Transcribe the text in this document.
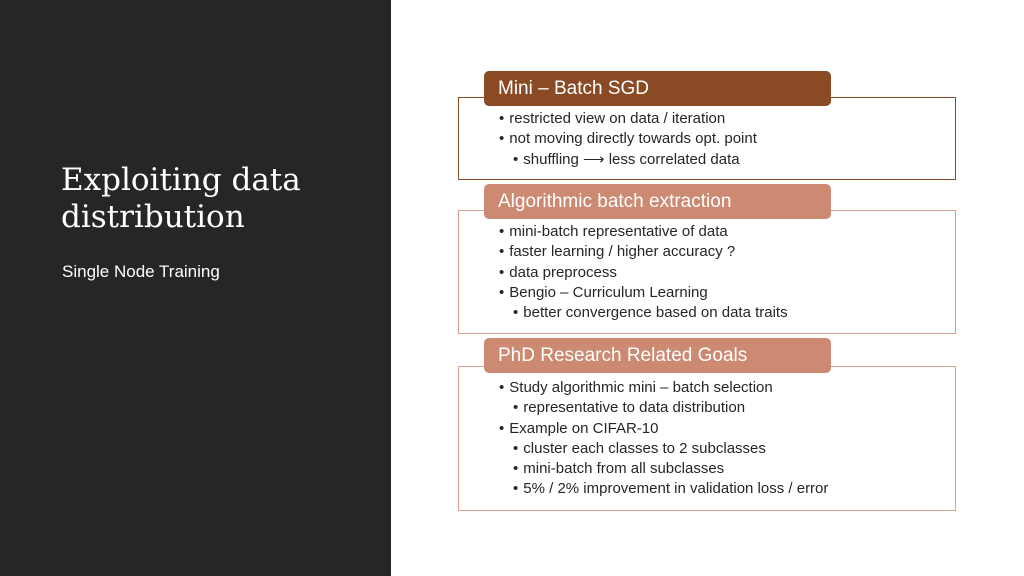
Exploiting data distribution

Single Node Training

• restricted view on data / iteration
• not moving directly towards opt. point
• shuffling ⟶ less correlated data
Mini – Batch SGD
• mini-batch representative of data
• faster learning / higher accuracy ?
• data preprocess
• Bengio – Curriculum Learning
• better convergence based on data traits
Algorithmic batch extraction
• Study algorithmic mini – batch selection
• representative to data distribution
• Example on CIFAR-10
• cluster each classes to 2 subclasses
• mini-batch from all subclasses
• 5% / 2% improvement in validation loss / error
PhD Research Related Goals
